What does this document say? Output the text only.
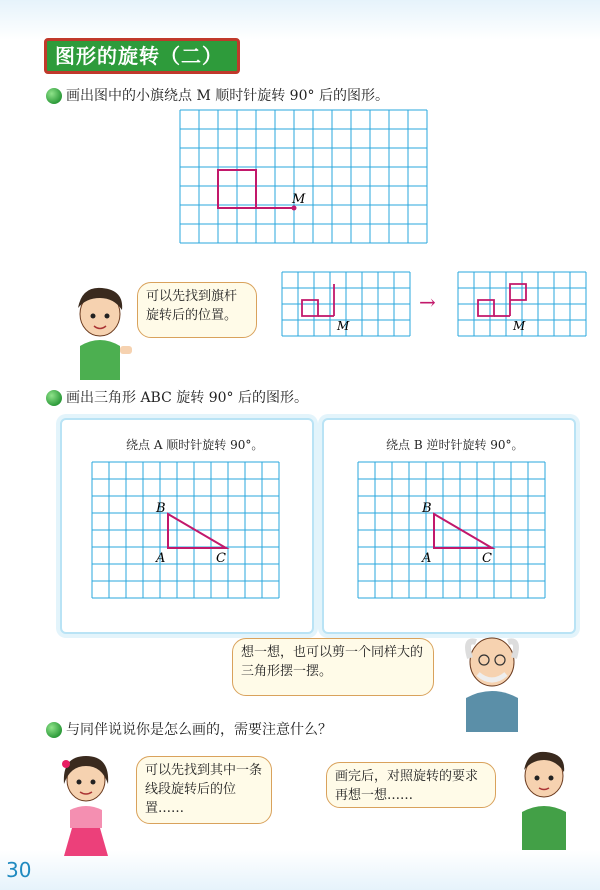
图形的旋转（二）
画出图中的小旗绕点 M 顺时针旋转 90° 后的图形。
M
可以先找到旗杆旋转后的位置。
M
→
M
画出三角形 ABC 旋转 90° 后的图形。
绕点 A 顺时针旋转 90°。
B
A	C
绕点 B 逆时针旋转 90°。
B
A	C
想一想，也可以剪一个同样大的三角形摆一摆。
与同伴说说你是怎么画的，需要注意什么？
可以先找到其中一条线段旋转后的位置……
画完后，对照旋转的要求再想一想……
30
